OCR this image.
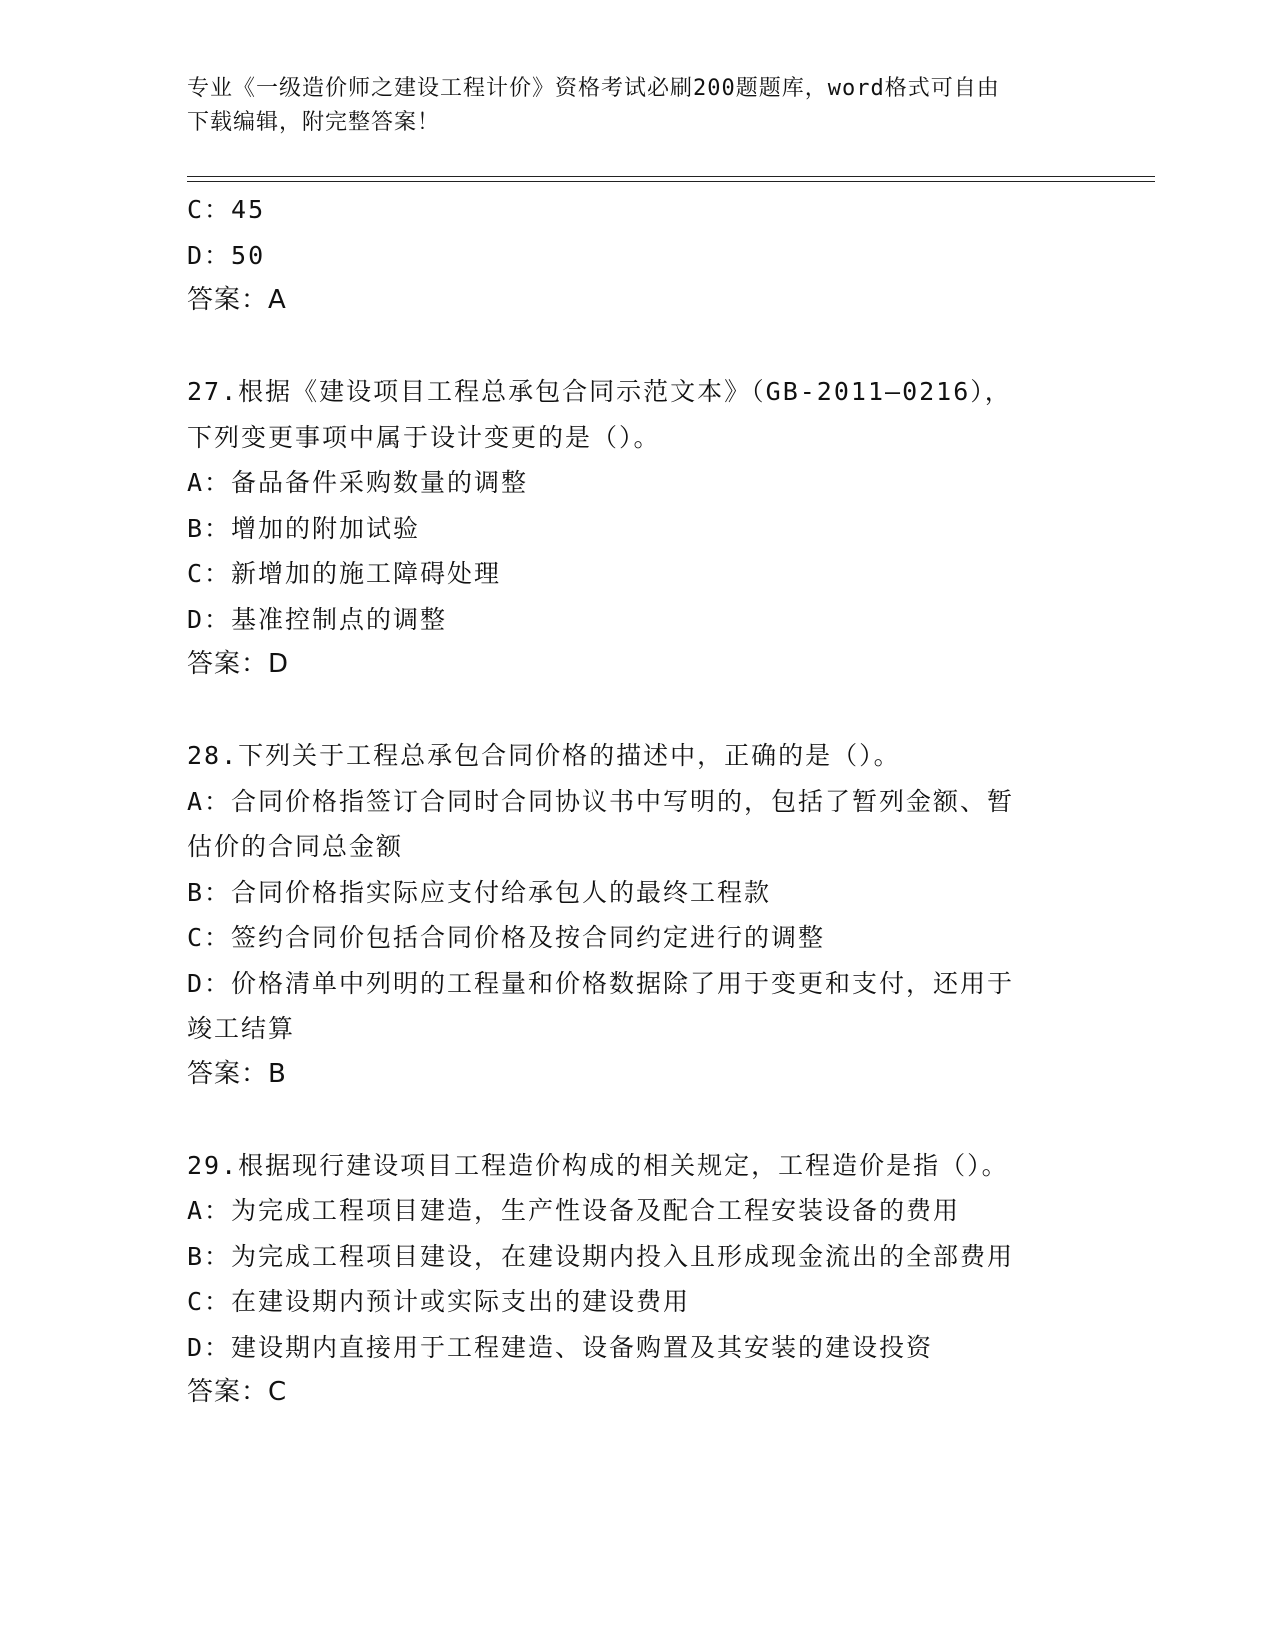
专业《一级造价师之建设工程计价》资格考试必刷200题题库，word格式可自由
下载编辑，附完整答案！
C：45
D：50
答案：A
27.根据《建设项目工程总承包合同示范文本》（GB-2011—0216），
下列变更事项中属于设计变更的是（）。
A：备品备件采购数量的调整
B：增加的附加试验
C：新增加的施工障碍处理
D：基准控制点的调整
答案：D
28.下列关于工程总承包合同价格的描述中，正确的是（）。
A：合同价格指签订合同时合同协议书中写明的，包括了暂列金额、暂
估价的合同总金额
B：合同价格指实际应支付给承包人的最终工程款
C：签约合同价包括合同价格及按合同约定进行的调整
D：价格清单中列明的工程量和价格数据除了用于变更和支付，还用于
竣工结算
答案：B
29.根据现行建设项目工程造价构成的相关规定，工程造价是指（）。
A：为完成工程项目建造，生产性设备及配合工程安装设备的费用
B：为完成工程项目建设，在建设期内投入且形成现金流出的全部费用
C：在建设期内预计或实际支出的建设费用
D：建设期内直接用于工程建造、设备购置及其安装的建设投资
答案：C
